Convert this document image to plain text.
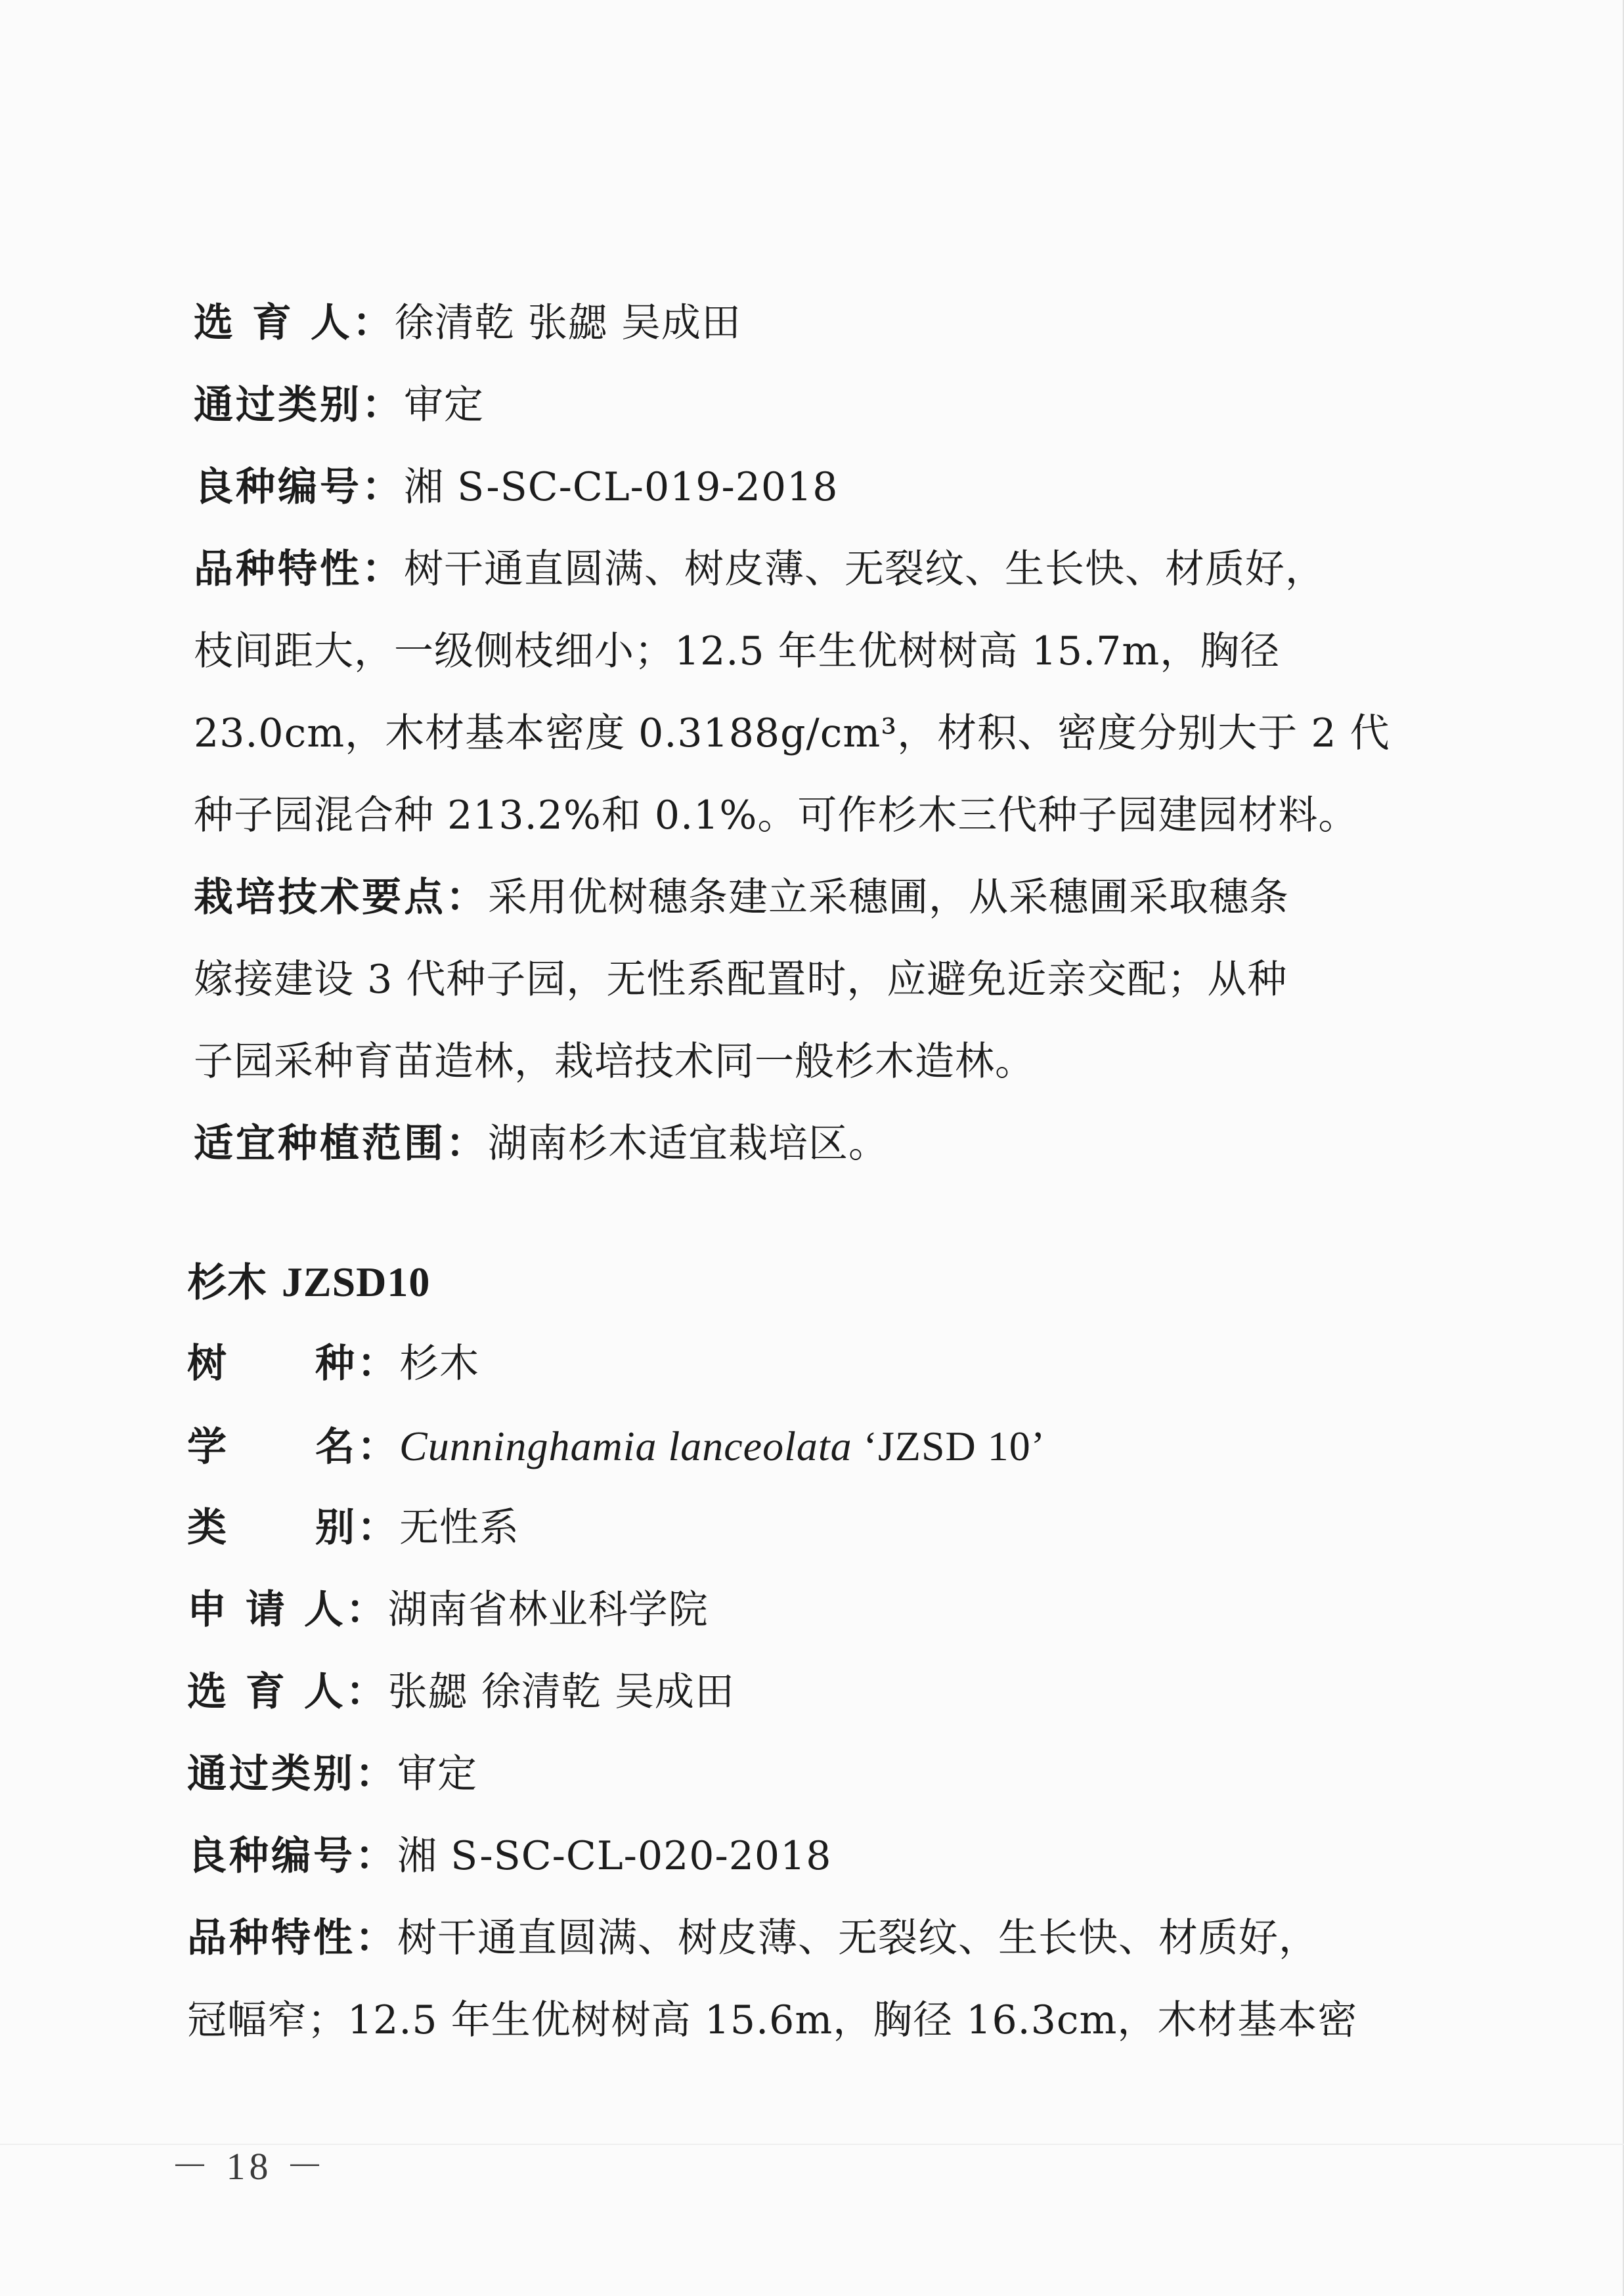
选 育 人：徐清乾 张勰 吴成田
通过类别：审定
良种编号：湘 S-SC-CL-019-2018
品种特性：树干通直圆满、树皮薄、无裂纹、生长快、材质好，
枝间距大，一级侧枝细小；12.5 年生优树树高 15.7m，胸径
23.0cm，木材基本密度 0.3188g/cm³，材积、密度分别大于 2 代
种子园混合种 213.2%和 0.1%。可作杉木三代种子园建园材料。
栽培技术要点：采用优树穗条建立采穗圃，从采穗圃采取穗条
嫁接建设 3 代种子园，无性系配置时，应避免近亲交配；从种
子园采种育苗造林，栽培技术同一般杉木造林。
适宜种植范围：湖南杉木适宜栽培区。
杉木 JZSD10
树 种：杉木
学 名：Cunninghamia lanceolata ‘JZSD 10’
类 别：无性系
申 请 人：湖南省林业科学院
选 育 人：张勰 徐清乾 吴成田
通过类别：审定
良种编号：湘 S-SC-CL-020-2018
品种特性：树干通直圆满、树皮薄、无裂纹、生长快、材质好，
冠幅窄；12.5 年生优树树高 15.6m，胸径 16.3cm，木材基本密
－ 18 －
